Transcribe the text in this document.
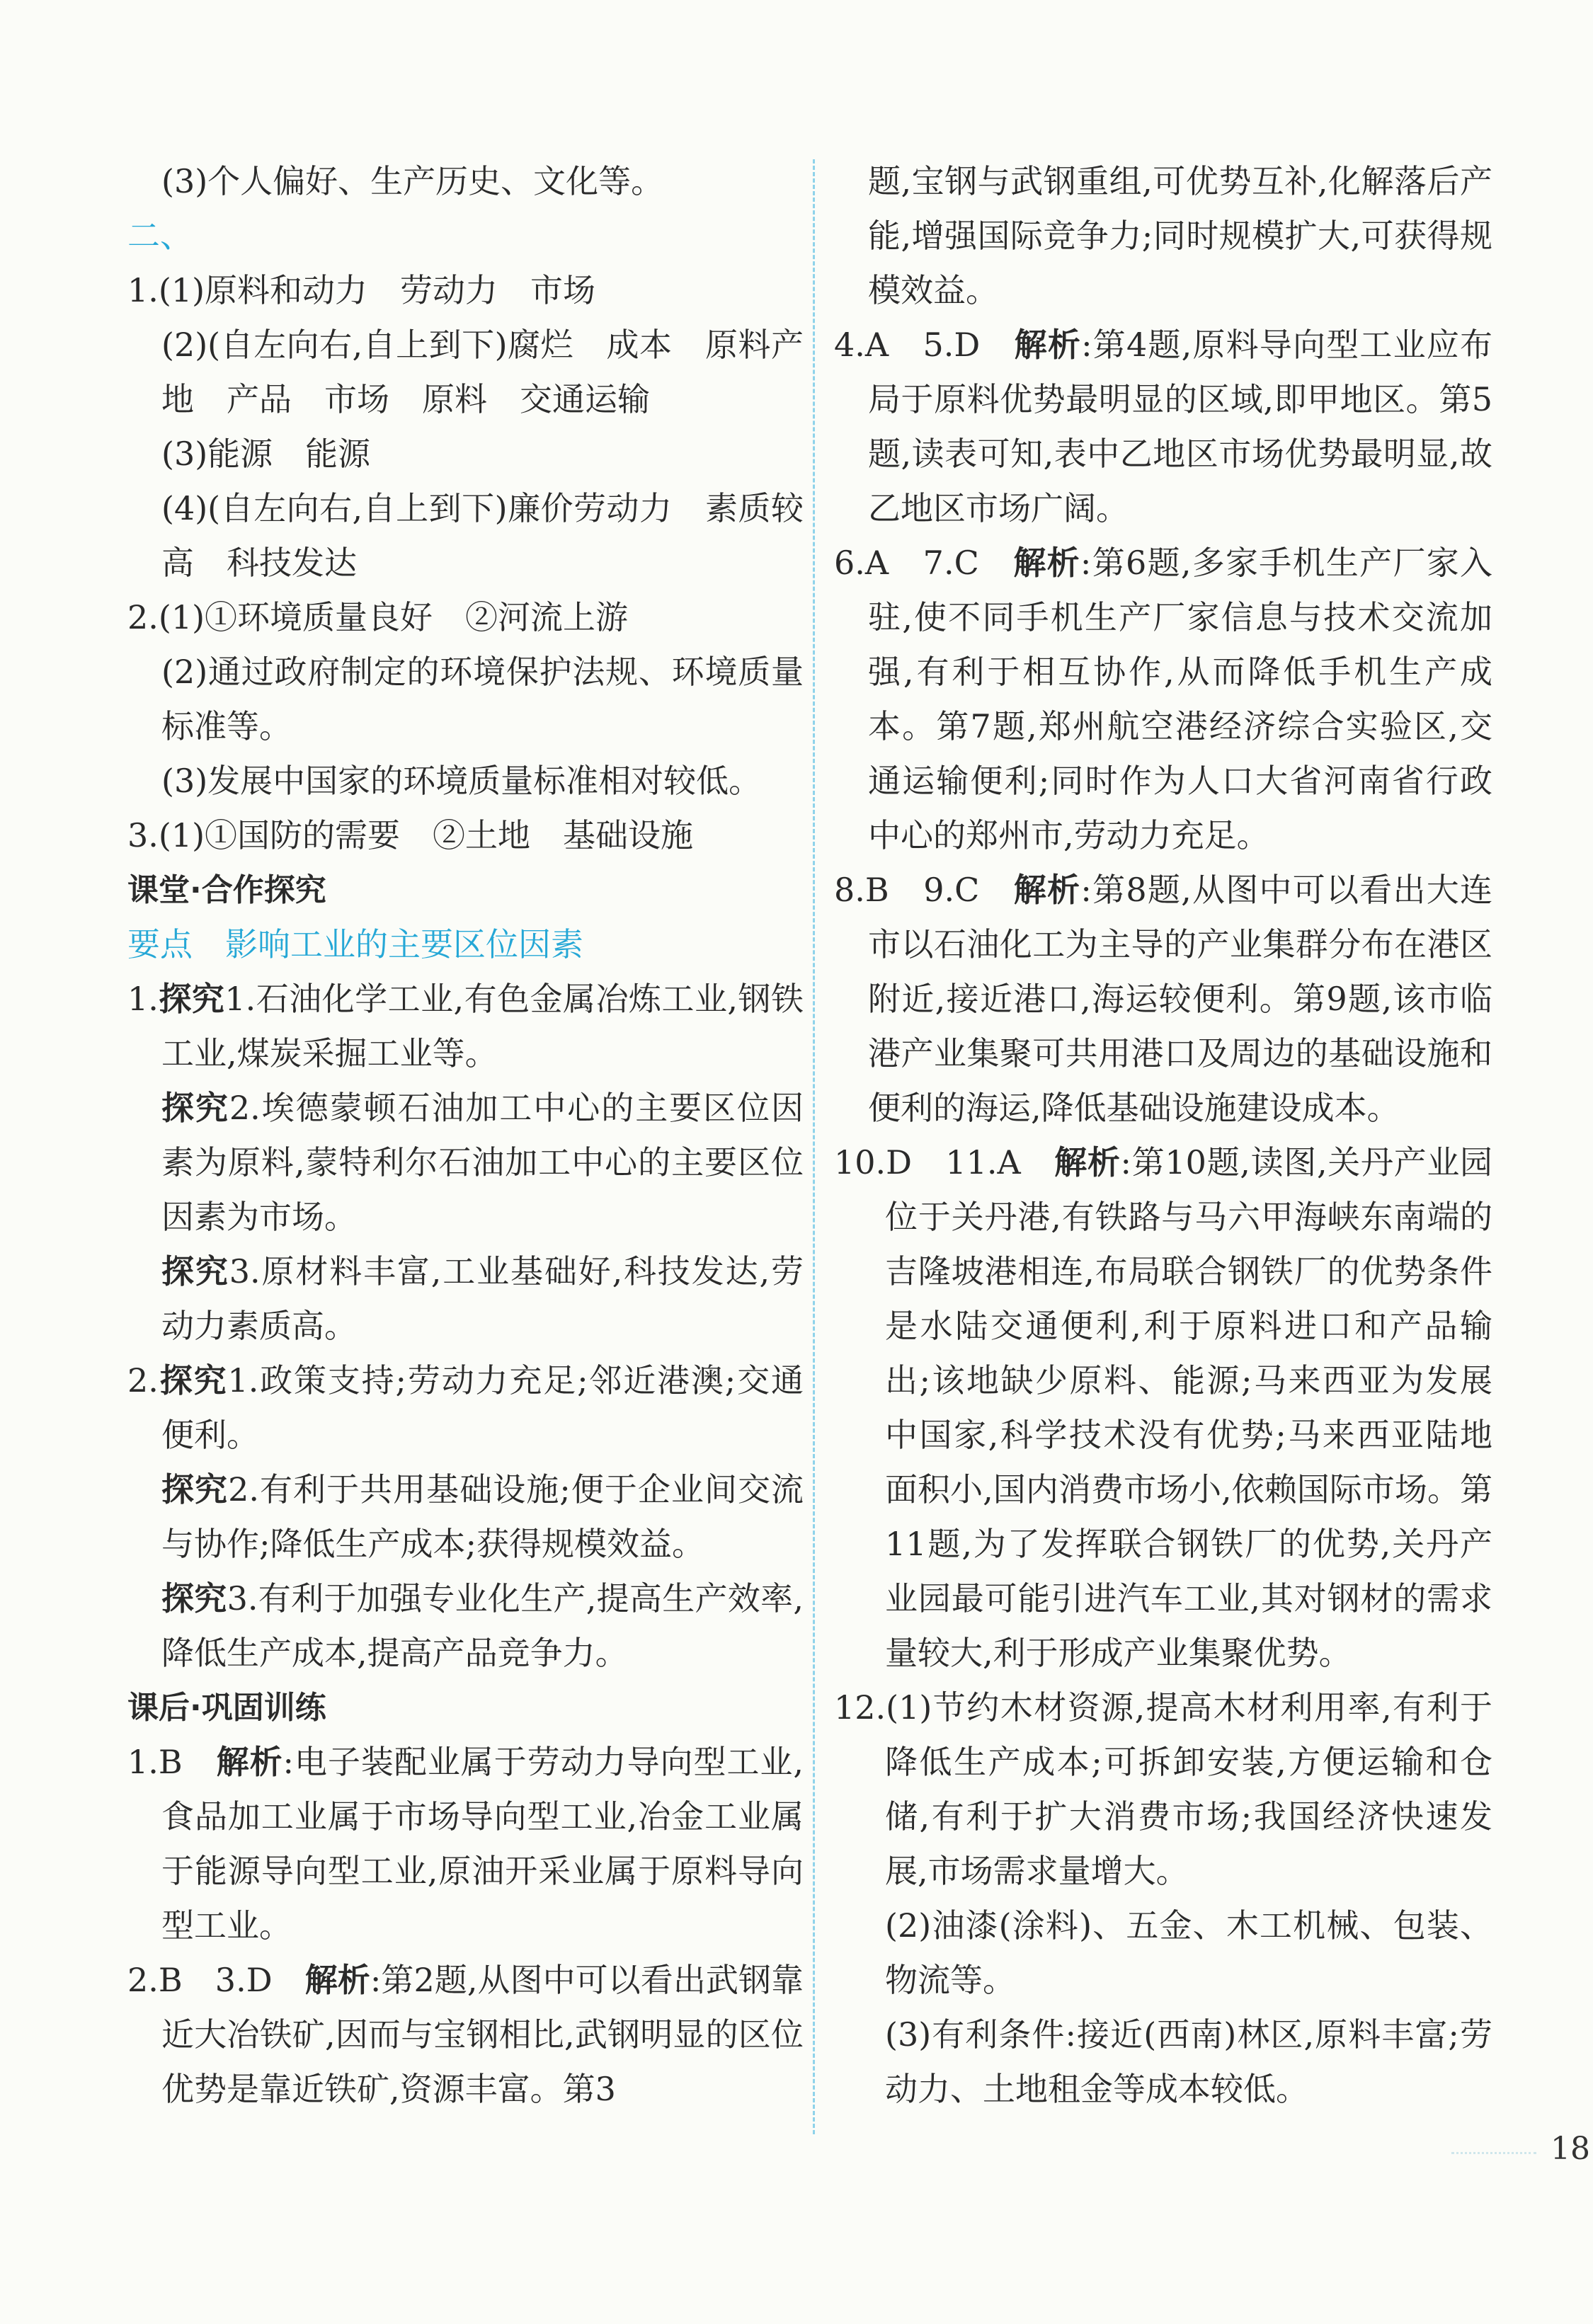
(3)个人偏好、生产历史、文化等。
二、
1.(1)原料和动力　劳动力　市场
(2)(自左向右,自上到下)腐烂　成本　原料产地　产品　市场　原料　交通运输
(3)能源　能源
(4)(自左向右,自上到下)廉价劳动力　素质较高　科技发达
2.(1)①环境质量良好　②河流上游
(2)通过政府制定的环境保护法规、环境质量标准等。
(3)发展中国家的环境质量标准相对较低。
3.(1)①国防的需要　②土地　基础设施
课堂·合作探究
要点　影响工业的主要区位因素
1.探究1.石油化学工业,有色金属冶炼工业,钢铁工业,煤炭采掘工业等。
探究2.埃德蒙顿石油加工中心的主要区位因素为原料,蒙特利尔石油加工中心的主要区位因素为市场。
探究3.原材料丰富,工业基础好,科技发达,劳动力素质高。
2.探究1.政策支持;劳动力充足;邻近港澳;交通便利。
探究2.有利于共用基础设施;便于企业间交流与协作;降低生产成本;获得规模效益。
探究3.有利于加强专业化生产,提高生产效率,降低生产成本,提高产品竞争力。
课后·巩固训练
1.B　解析:电子装配业属于劳动力导向型工业,食品加工业属于市场导向型工业,冶金工业属于能源导向型工业,原油开采业属于原料导向型工业。
2.B　3.D　解析:第2题,从图中可以看出武钢靠近大冶铁矿,因而与宝钢相比,武钢明显的区位优势是靠近铁矿,资源丰富。第3
题,宝钢与武钢重组,可优势互补,化解落后产能,增强国际竞争力;同时规模扩大,可获得规模效益。
4.A　5.D　解析:第4题,原料导向型工业应布局于原料优势最明显的区域,即甲地区。第5题,读表可知,表中乙地区市场优势最明显,故乙地区市场广阔。
6.A　7.C　解析:第6题,多家手机生产厂家入驻,使不同手机生产厂家信息与技术交流加强,有利于相互协作,从而降低手机生产成本。第7题,郑州航空港经济综合实验区,交通运输便利;同时作为人口大省河南省行政中心的郑州市,劳动力充足。
8.B　9.C　解析:第8题,从图中可以看出大连市以石油化工为主导的产业集群分布在港区附近,接近港口,海运较便利。第9题,该市临港产业集聚可共用港口及周边的基础设施和便利的海运,降低基础设施建设成本。
10.D　11.A　解析:第10题,读图,关丹产业园位于关丹港,有铁路与马六甲海峡东南端的吉隆坡港相连,布局联合钢铁厂的优势条件是水陆交通便利,利于原料进口和产品输出;该地缺少原料、能源;马来西亚为发展中国家,科学技术没有优势;马来西亚陆地面积小,国内消费市场小,依赖国际市场。第11题,为了发挥联合钢铁厂的优势,关丹产业园最可能引进汽车工业,其对钢材的需求量较大,利于形成产业集聚优势。
12.(1)节约木材资源,提高木材利用率,有利于降低生产成本;可拆卸安装,方便运输和仓储,有利于扩大消费市场;我国经济快速发展,市场需求量增大。
(2)油漆(涂料)、五金、木工机械、包装、物流等。
(3)有利条件:接近(西南)林区,原料丰富;劳动力、土地租金等成本较低。
18
